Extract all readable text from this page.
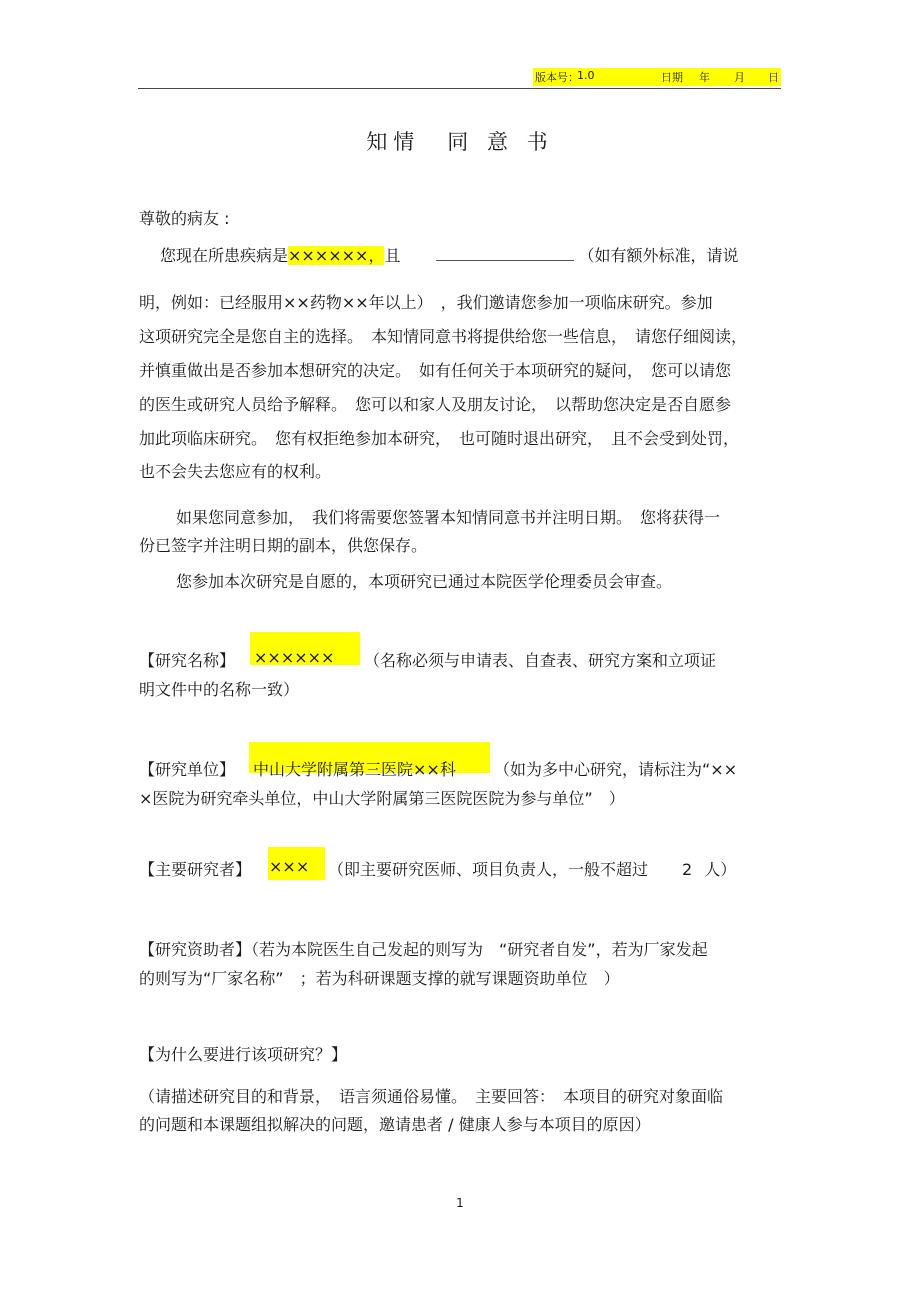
版本号：
1.0	日期 年 月 日
知情　同 意 书
尊敬的病友 :
您现在所患疾病是××××××，且	（如有额外标准，请说
明，例如：已经服用××药物××年以上）　，我们邀请您参加一项临床研究。参加
这项研究完全是您自主的选择。　本知情同意书将提供给您一些信息，　请您仔细阅读，
并慎重做出是否参加本想研究的决定。　如有任何关于本项研究的疑问，　您可以请您
的医生或研究人员给予解释。　您可以和家人及朋友讨论，　以帮助您决定是否自愿参
加此项临床研究。　您有权拒绝参加本研究，　也可随时退出研究，　且不会受到处罚，
也不会失去您应有的权利。
如果您同意参加，　我们将需要您签署本知情同意书并注明日期。　您将获得一
份已签字并注明日期的副本，供您保存。
您参加本次研究是自愿的，本项研究已通过本院医学伦理委员会审查。
【研究名称】 ×××××× （名称必须与申请表、自查表、研究方案和立项证
明文件中的名称一致）
【研究单位】 中山大学附属第三医院××科 （如为多中心研究，请标注为“××
×医院为研究牵头单位，中山大学附属第三医院医院为参与单位”　）
【主要研究者】 ××× （即主要研究医师、项目负责人，一般不超过 2 人）
【研究资助者】（若为本院医生自己发起的则写为　“研究者自发”，若为厂家发起
的则写为“厂家名称”　；若为科研课题支撑的就写课题资助单位　）
【为什么要进行该项研究？】
（请描述研究目的和背景，　语言须通俗易懂。　主要回答：　本项目的研究对象面临
的问题和本课题组拟解决的问题，邀请患者 / 健康人参与本项目的原因）
1
